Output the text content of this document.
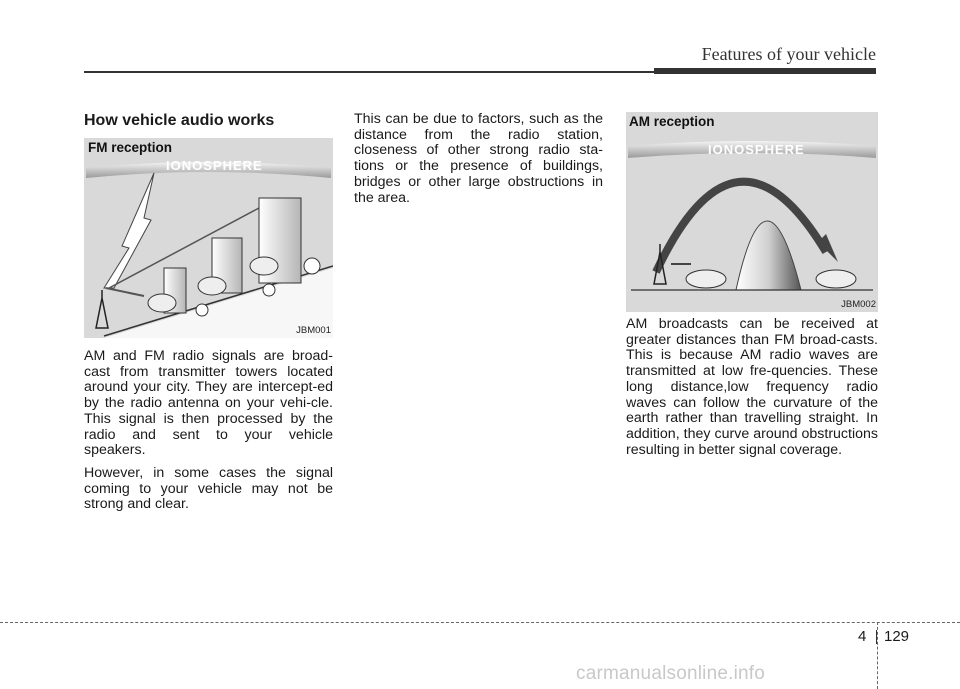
Features of your vehicle
How vehicle audio works
FM reception
IONOSPHERE
JBM001

AM and FM radio signals are broad-cast from transmitter towers located around your city. They are intercept-ed by the radio antenna on your vehi-cle. This signal is then processed by the radio and sent to your vehicle speakers.

However, in some cases the signal coming to your vehicle may not be strong and clear.

This can be due to factors, such as the distance from the radio station, closeness of other strong radio sta-tions or the presence of buildings, bridges or other large obstructions in the area.

AM reception
IONOSPHERE
JBM002

AM broadcasts can be received at greater distances than FM broad-casts. This is because AM radio waves are transmitted at low fre-quencies. These long distance,low frequency radio waves can follow the curvature of the earth rather than travelling straight. In addition, they curve around obstructions resulting in better signal coverage.

4 129
carmanualsonline.info
